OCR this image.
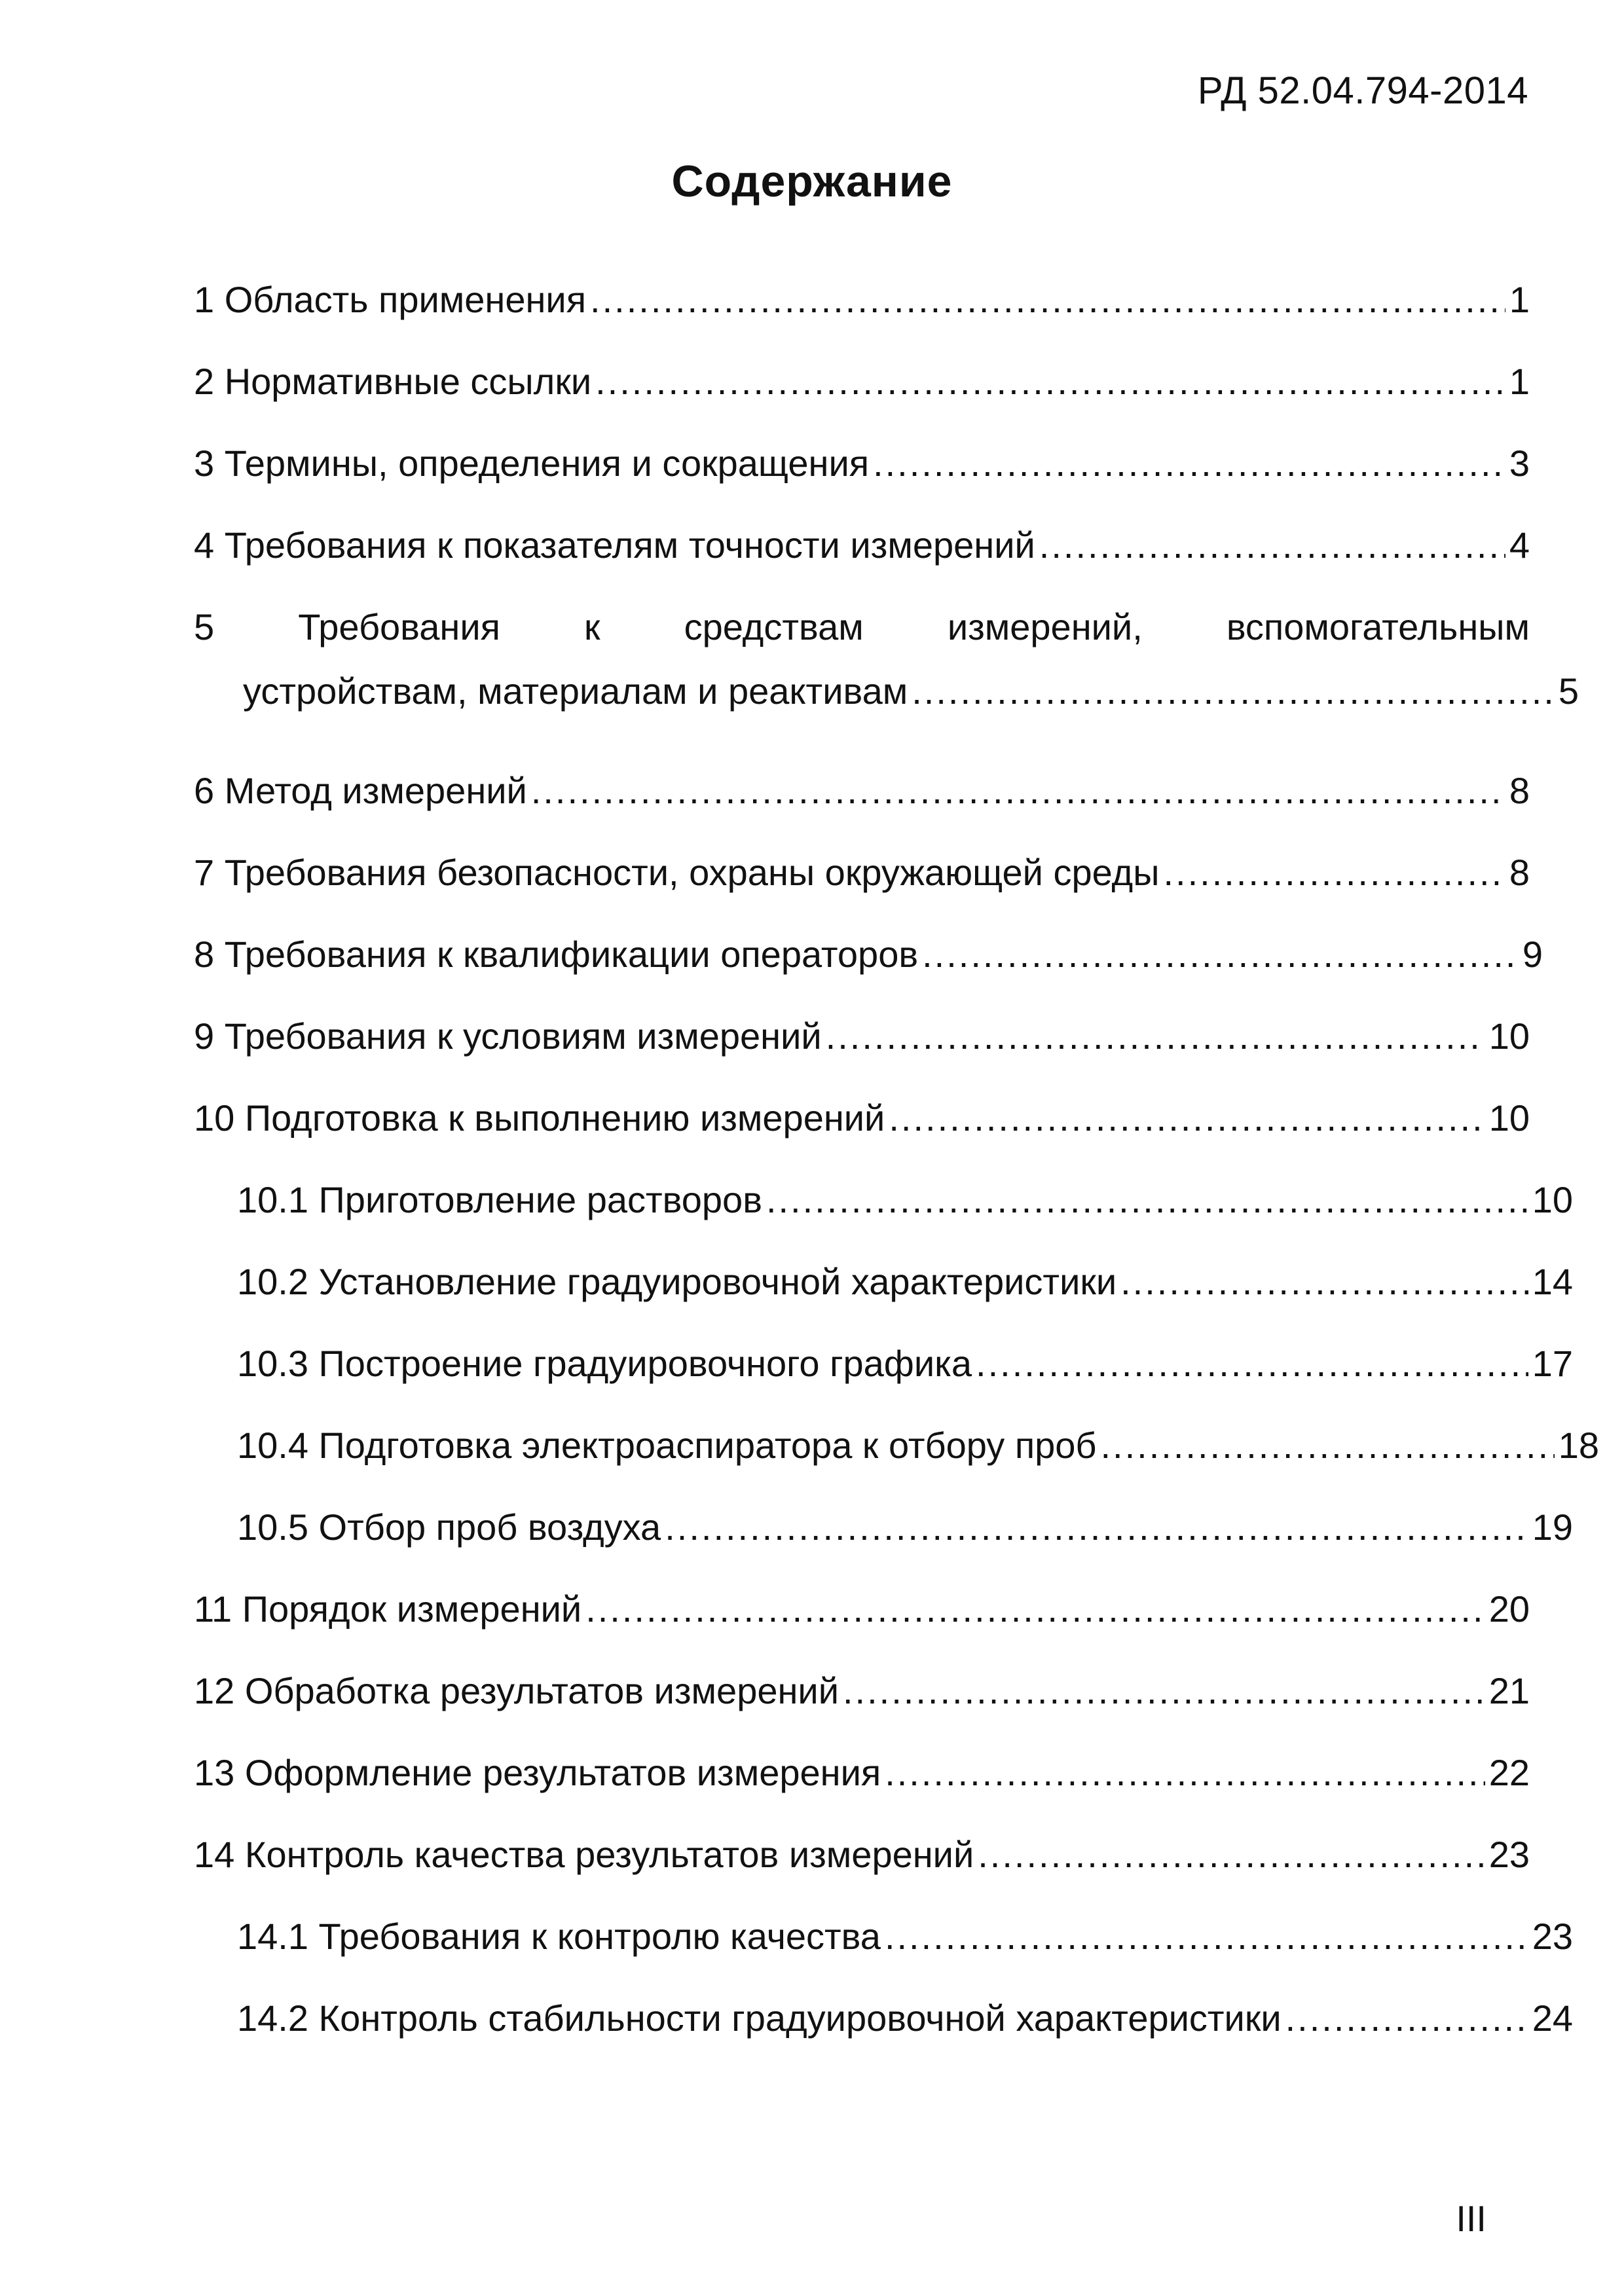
РД 52.04.794-2014
Содержание
1 Область применения .....	1
2 Нормативные ссылки .....	1
3 Термины, определения и сокращения .....	3
4 Требования к показателям точности измерений .....	4
5 Требования к средствам измерений, вспомогательным
устройствам, материалам и реактивам .....	5
6 Метод измерений .....	8
7 Требования безопасности, охраны окружающей среды .....	8
8 Требования к квалификации операторов .....	9
9 Требования к условиям измерений .....	10
10 Подготовка к выполнению измерений .....	10
10.1 Приготовление растворов .....	10
10.2 Установление градуировочной характеристики .....	14
10.3 Построение градуировочного графика .....	17
10.4 Подготовка электроаспиратора к отбору проб .....	18
10.5 Отбор проб воздуха .....	19
11 Порядок измерений .....	20
12 Обработка результатов измерений .....	21
13 Оформление результатов измерения .....	22
14 Контроль качества результатов измерений .....	23
14.1 Требования к контролю качества .....	23
14.2 Контроль стабильности градуировочной характеристики .....	24
III
